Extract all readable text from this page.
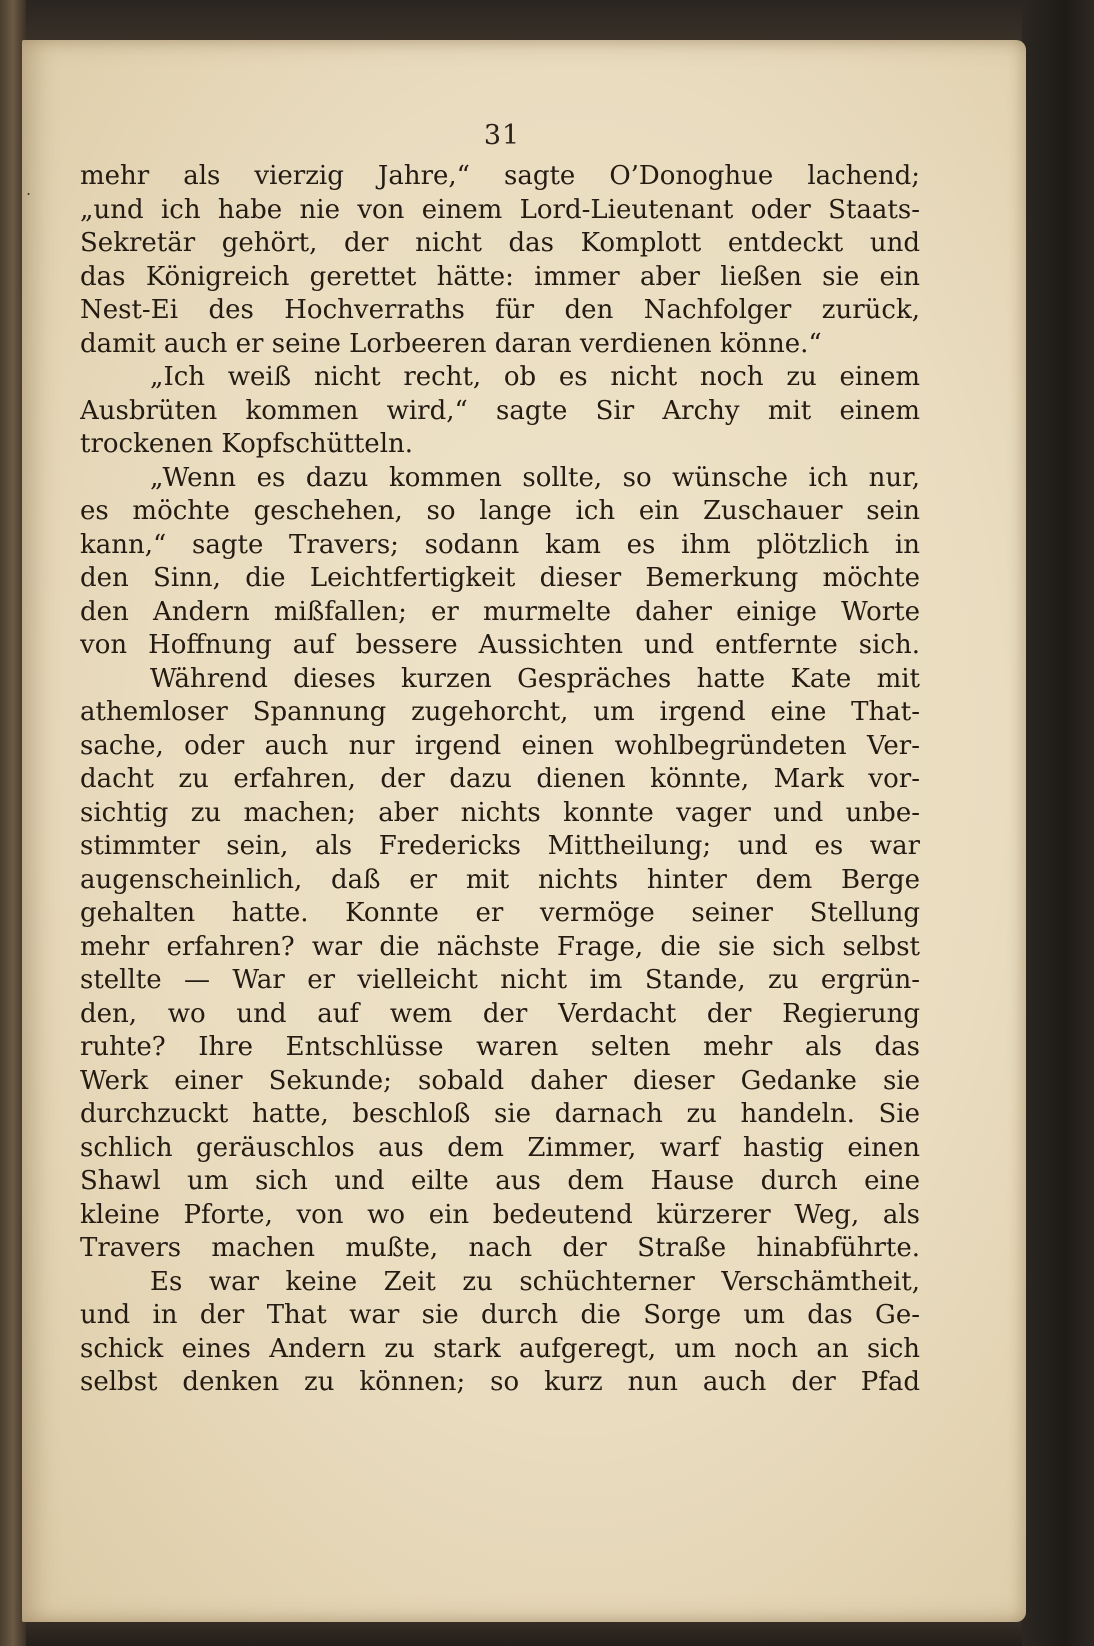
31
mehr als vierzig Jahre,“ sagte O’Donoghue lachend;
„und ich habe nie von einem Lord-Lieutenant oder Staats-
Sekretär gehört, der nicht das Komplott entdeckt und
das Königreich gerettet hätte: immer aber ließen sie ein
Nest-Ei des Hochverraths für den Nachfolger zurück,
damit auch er seine Lorbeeren daran verdienen könne.“
„Ich weiß nicht recht, ob es nicht noch zu einem
Ausbrüten kommen wird,“ sagte Sir Archy mit einem
trockenen Kopfschütteln.
„Wenn es dazu kommen sollte, so wünsche ich nur,
es möchte geschehen, so lange ich ein Zuschauer sein
kann,“ sagte Travers; sodann kam es ihm plötzlich in
den Sinn, die Leichtfertigkeit dieser Bemerkung möchte
den Andern mißfallen; er murmelte daher einige Worte
von Hoffnung auf bessere Aussichten und entfernte sich.
Während dieses kurzen Gespräches hatte Kate mit
athemloser Spannung zugehorcht, um irgend eine That-
sache, oder auch nur irgend einen wohlbegründeten Ver-
dacht zu erfahren, der dazu dienen könnte, Mark vor-
sichtig zu machen; aber nichts konnte vager und unbe-
stimmter sein, als Fredericks Mittheilung; und es war
augenscheinlich, daß er mit nichts hinter dem Berge
gehalten hatte. Konnte er vermöge seiner Stellung
mehr erfahren? war die nächste Frage, die sie sich selbst
stellte — War er vielleicht nicht im Stande, zu ergrün-
den, wo und auf wem der Verdacht der Regierung
ruhte? Ihre Entschlüsse waren selten mehr als das
Werk einer Sekunde; sobald daher dieser Gedanke sie
durchzuckt hatte, beschloß sie darnach zu handeln. Sie
schlich geräuschlos aus dem Zimmer, warf hastig einen
Shawl um sich und eilte aus dem Hause durch eine
kleine Pforte, von wo ein bedeutend kürzerer Weg, als
Travers machen mußte, nach der Straße hinabführte.
Es war keine Zeit zu schüchterner Verschämtheit,
und in der That war sie durch die Sorge um das Ge-
schick eines Andern zu stark aufgeregt, um noch an sich
selbst denken zu können; so kurz nun auch der Pfad
.
